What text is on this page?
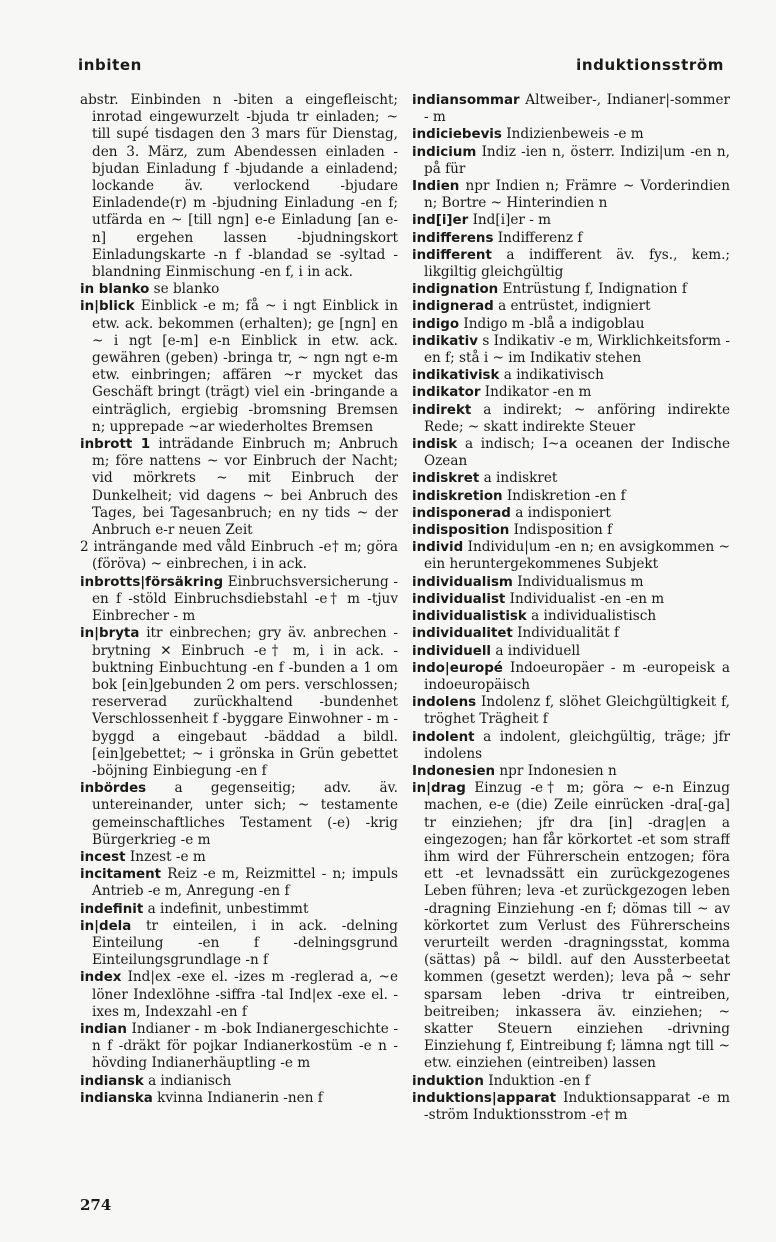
inbiten	induktionsström

abstr. Einbinden n -biten a eingefleischt; inrotad eingewurzelt -bjuda tr einladen; ~ till supé tisdagen den 3 mars für Dienstag, den 3. März, zum Abendessen einladen -bjudan Einladung f -bjudande a einladend; lockande äv. verlockend -bjudare Einladende(r) m -bjudning Einladung -en f; utfärda en ~ [till ngn] e-e Einladung [an e-n] ergehen lassen -bjudningskort Einladungskarte -n f -blandad se -syltad -blandning Einmischung -en f, i in ack.

in blanko se blanko

in|blick Einblick -e m; få ~ i ngt Einblick in etw. ack. bekommen (erhalten); ge [ngn] en ~ i ngt [e-m] e-n Einblick in etw. ack. gewähren (geben) -bringa tr, ~ ngn ngt e-m etw. einbringen; affären ~r mycket das Geschäft bringt (trägt) viel ein -bringande a einträglich, ergiebig -bromsning Bremsen n; upprepade ~ar wiederholtes Bremsen

inbrott 1 inträdande Einbruch m; Anbruch m; före nattens ~ vor Einbruch der Nacht; vid mörkrets ~ mit Einbruch der Dunkelheit; vid dagens ~ bei Anbruch des Tages, bei Tagesanbruch; en ny tids ~ der Anbruch e-r neuen Zeit

2 inträngande med våld Einbruch -e† m; göra (föröva) ~ einbrechen, i in ack.

inbrotts|försäkring Einbruchsversicherung -en f -stöld Einbruchsdiebstahl -e† m -tjuv Einbrecher - m

in|bryta itr einbrechen; gry äv. anbrechen -brytning ✕ Einbruch -e† m, i in ack. -buktning Einbuchtung -en f -bunden a 1 om bok [ein]gebunden 2 om pers. verschlossen; reserverad zurückhaltend -bundenhet Verschlossenheit f -byggare Einwohner - m -byggd a eingebaut -bäddad a bildl. [ein]gebettet; ~ i grönska in Grün gebettet -böjning Einbiegung -en f

inbördes a gegenseitig; adv. äv. untereinander, unter sich; ~ testamente gemeinschaftliches Testament (-e) -krig Bürgerkrieg -e m

incest Inzest -e m

incitament Reiz -e m, Reizmittel - n; impuls Antrieb -e m, Anregung -en f

indefinit a indefinit, unbestimmt

in|dela tr einteilen, i in ack. -delning Einteilung -en f -delningsgrund Einteilungsgrundlage -n f

index Ind|ex -exe el. -izes m -reglerad a, ~e löner Indexlöhne -siffra -tal Ind|ex -exe el. -ixes m, Indexzahl -en f

indian Indianer - m -bok Indianergeschichte -n f -dräkt för pojkar Indianerkostüm -e n -hövding Indianerhäuptling -e m

indiansk a indianisch

indianska kvinna Indianerin -nen f

indiansommar Altweiber-, Indianer|-sommer - m

indiciebevis Indizienbeweis -e m

indicium Indiz -ien n, österr. Indizi|um -en n, på für

Indien npr Indien n; Främre ~ Vorderindien n; Bortre ~ Hinterindien n

ind[i]er Ind[i]er - m

indifferens Indifferenz f

indifferent a indifferent äv. fys., kem.; likgiltig gleichgültig

indignation Entrüstung f, Indignation f

indignerad a entrüstet, indigniert

indigo Indigo m -blå a indigoblau

indikativ s Indikativ -e m, Wirklichkeitsform -en f; stå i ~ im Indikativ stehen

indikativisk a indikativisch

indikator Indikator -en m

indirekt a indirekt; ~ anföring indirekte Rede; ~ skatt indirekte Steuer

indisk a indisch; I~a oceanen der Indische Ozean

indiskret a indiskret

indiskretion Indiskretion -en f

indisponerad a indisponiert

indisposition Indisposition f

individ Individu|um -en n; en avsigkommen ~ ein heruntergekommenes Subjekt

individualism Individualismus m

individualist Individualist -en -en m

individualistisk a individualistisch

individualitet Individualität f

individuell a individuell

indo|europé Indoeuropäer - m -europeisk a indoeuropäisch

indolens Indolenz f, slöhet Gleichgültigkeit f, tröghet Trägheit f

indolent a indolent, gleichgültig, träge; jfr indolens

Indonesien npr Indonesien n

in|drag Einzug -e† m; göra ~ e-n Einzug machen, e-e (die) Zeile einrücken -dra[-ga] tr einziehen; jfr dra [in] -drag|en a eingezogen; han får körkortet -et som straff ihm wird der Führerschein entzogen; föra ett -et levnadssätt ein zurückgezogenes Leben führen; leva -et zurückgezogen leben -dragning Einziehung -en f; dömas till ~ av körkortet zum Verlust des Führerscheins verurteilt werden -dragningsstat, komma (sättas) på ~ bildl. auf den Aussterbeetat kommen (gesetzt werden); leva på ~ sehr sparsam leben -driva tr eintreiben, beitreiben; inkassera äv. einziehen; ~ skatter Steuern einziehen -drivning Einziehung f, Eintreibung f; lämna ngt till ~ etw. einziehen (eintreiben) lassen

induktion Induktion -en f

induktions|apparat Induktionsapparat -e m -ström Induktionsstrom -e† m

274
